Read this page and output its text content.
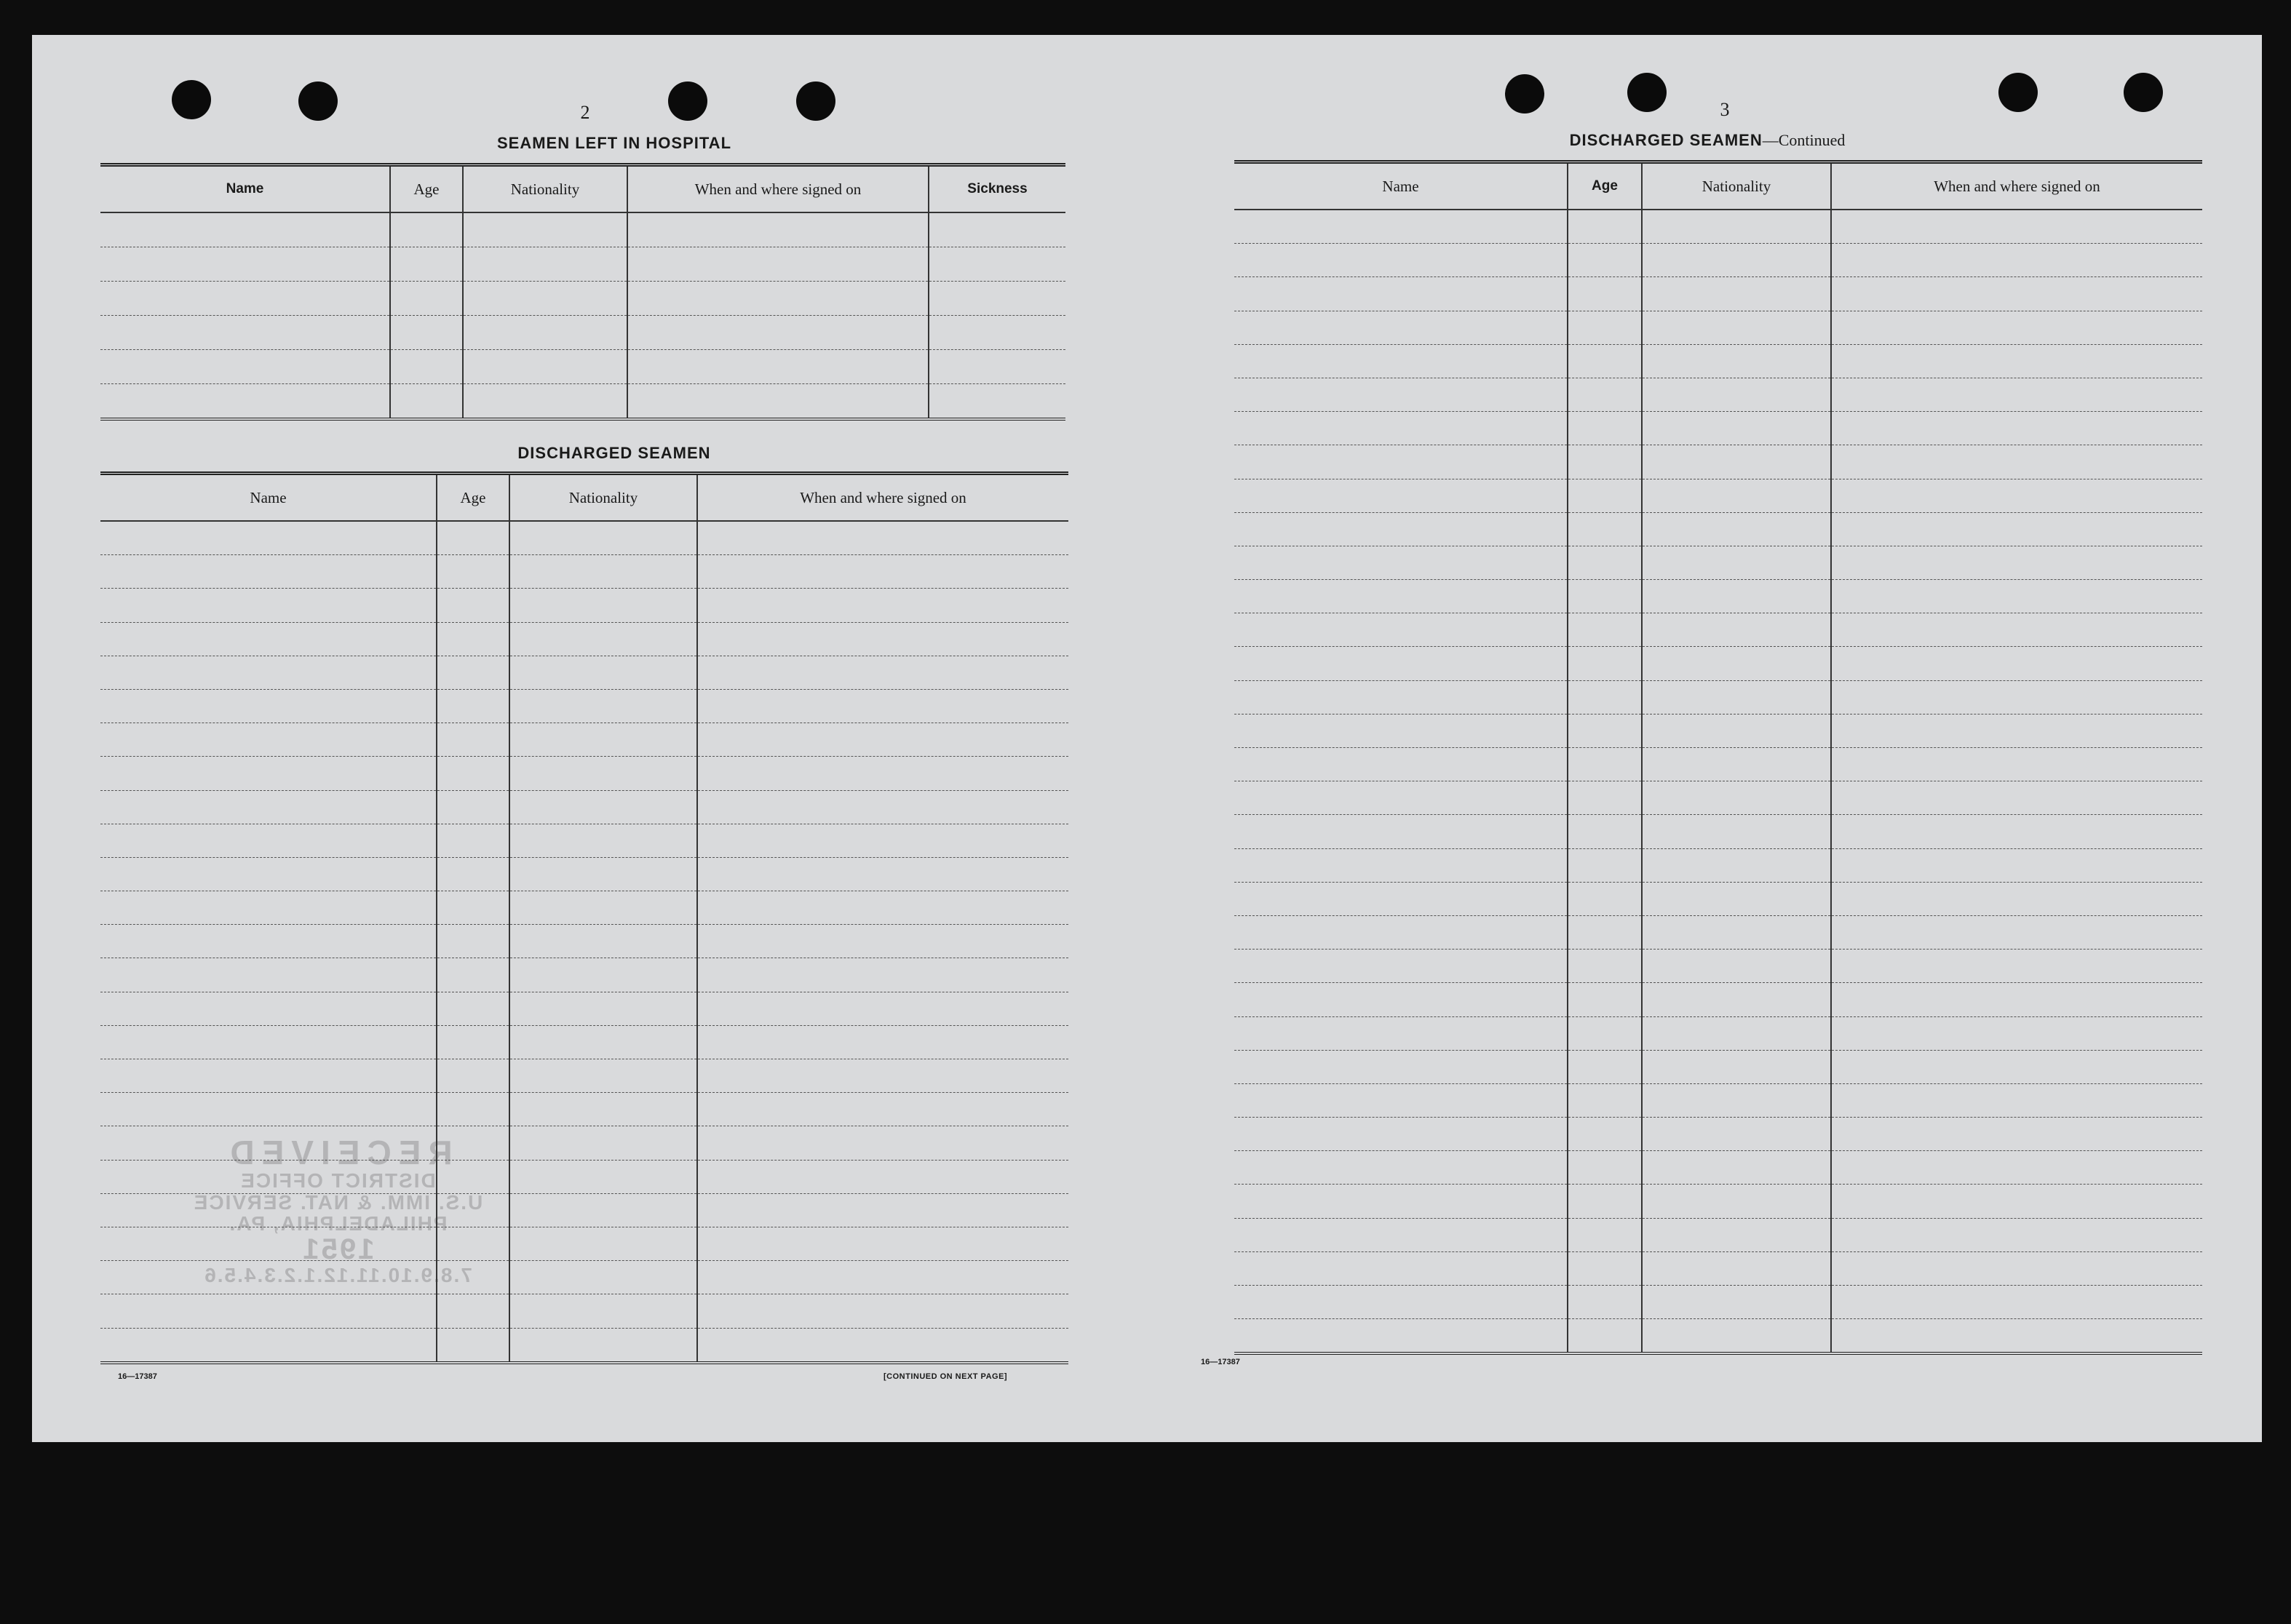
2
SEAMEN LEFT IN HOSPITAL
Name	Age	Nationality	When and where signed on	Sickness

DISCHARGED SEAMEN
Name	Age	Nationality	When and where signed on

RECEIVED
DISTRICT OFFICE
U.S. IMM. & NAT. SERVICE
PHILADELPHIA, PA.
1951
7.8.9.10.11.12.1.2.3.4.5.6
16—17387	[CONTINUED ON NEXT PAGE]
3
DISCHARGED SEAMEN—Continued
Name	Age	Nationality	When and where signed on

16—17387
